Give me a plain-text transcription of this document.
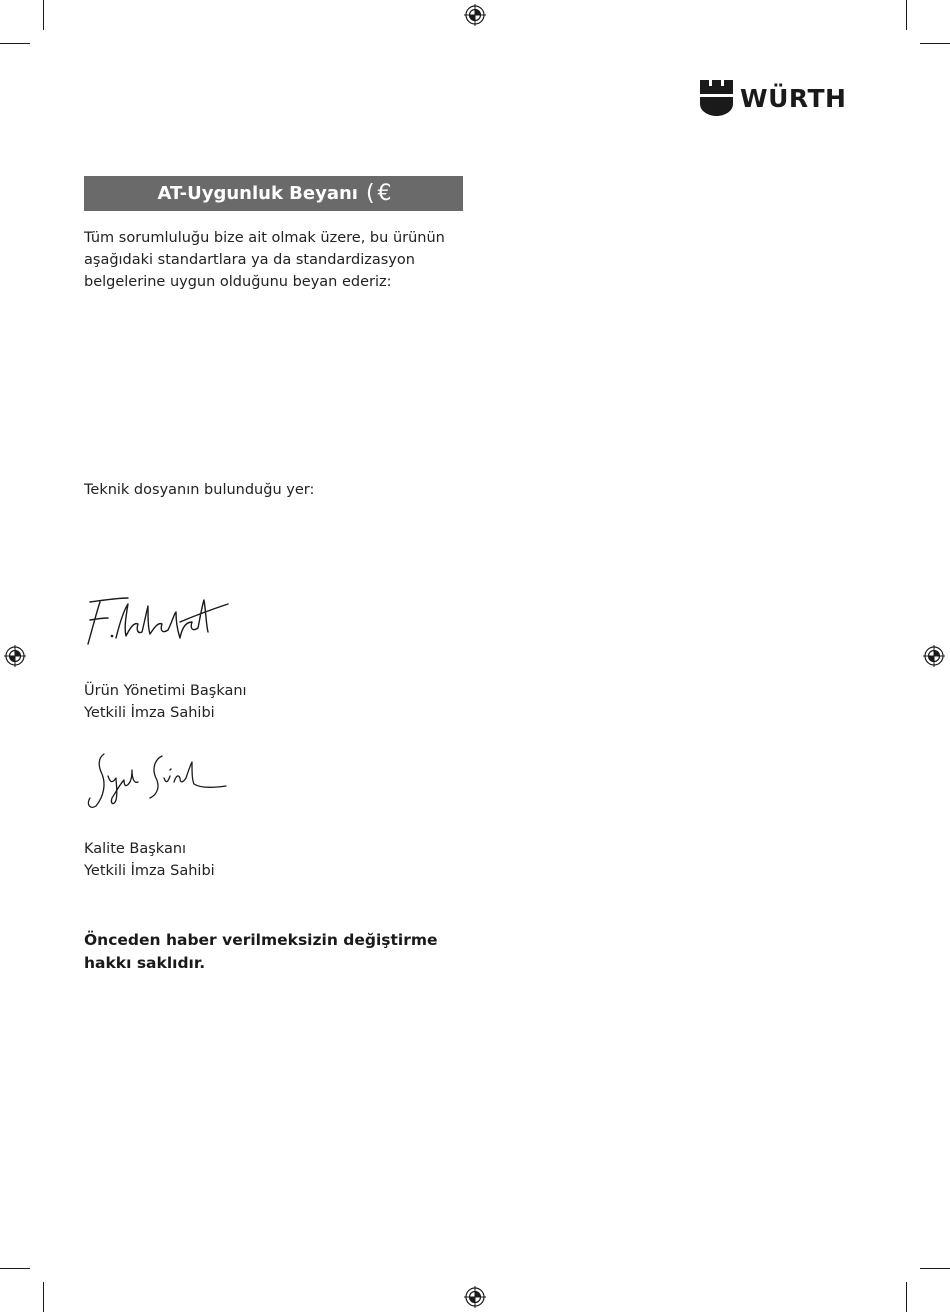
WÜRTH
AT-Uygunluk Beyanı ( €
Tüm sorumluluğu bize ait olmak üzere, bu ürünün
aşağıdaki standartlara ya da standardizasyon
belgelerine uygun olduğunu beyan ederiz:
Teknik dosyanın bulunduğu yer:
Ürün Yönetimi Başkanı
Yetkili İmza Sahibi
Kalite Başkanı
Yetkili İmza Sahibi
Önceden haber verilmeksizin değiştirme
hakkı saklıdır.
